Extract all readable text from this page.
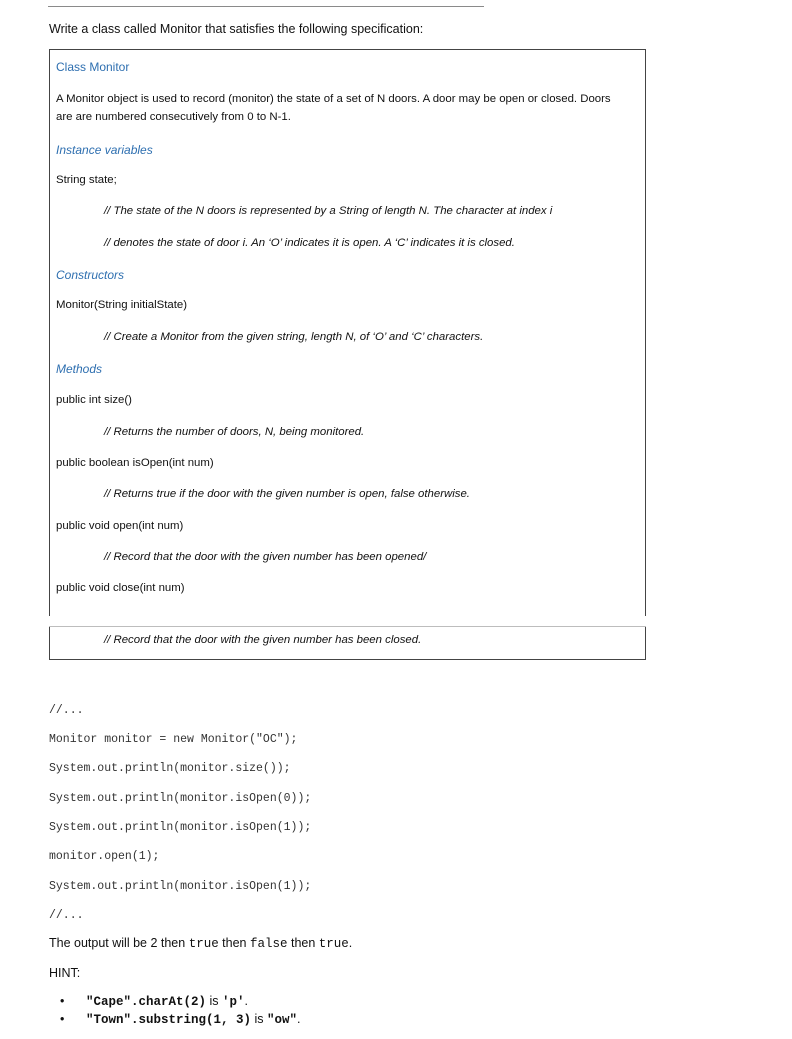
Write a class called Monitor that satisfies the following specification:
Class Monitor
A Monitor object is used to record (monitor) the state of a set of N doors. A door may be open or closed. Doors
are are numbered consecutively from 0 to N-1.
Instance variables
String state;
// The state of the N doors is represented by a String of length N. The character at index i
// denotes the state of door i. An ‘O’ indicates it is open. A ‘C’ indicates it is closed.
Constructors
Monitor(String initialState)
// Create a Monitor from the given string, length N, of ‘O’ and ‘C’ characters.
Methods
public int size()
// Returns the number of doors, N, being monitored.
public boolean isOpen(int num)
// Returns true if the door with the given number is open, false otherwise.
public void open(int num)
// Record that the door with the given number has been opened/
public void close(int num)
// Record that the door with the given number has been closed.
//...
Monitor monitor = new Monitor("OC");
System.out.println(monitor.size());
System.out.println(monitor.isOpen(0));
System.out.println(monitor.isOpen(1));
monitor.open(1);
System.out.println(monitor.isOpen(1));
//...
The output will be 2 then true then false then true.
HINT:
• "Cape".charAt(2) is 'p'.
• "Town".substring(1, 3) is "ow".
